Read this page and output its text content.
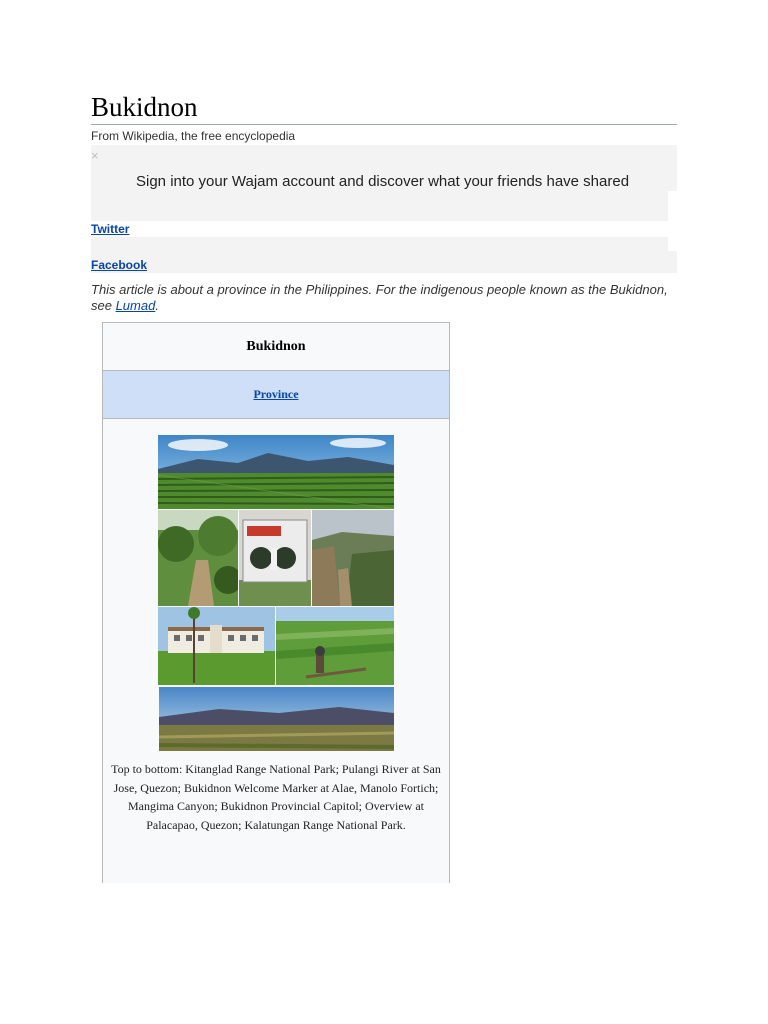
Bukidnon
From Wikipedia, the free encyclopedia
×
Sign into your Wajam account and discover what your friends have shared
Twitter
Facebook
This article is about a province in the Philippines. For the indigenous people known as the Bukidnon, see Lumad.
Bukidnon
Province
Top to bottom: Kitanglad Range National Park; Pulangi River at San Jose, Quezon; Bukidnon Welcome Marker at Alae, Manolo Fortich; Mangima Canyon; Bukidnon Provincial Capitol; Overview at Palacapao, Quezon; Kalatungan Range National Park.
